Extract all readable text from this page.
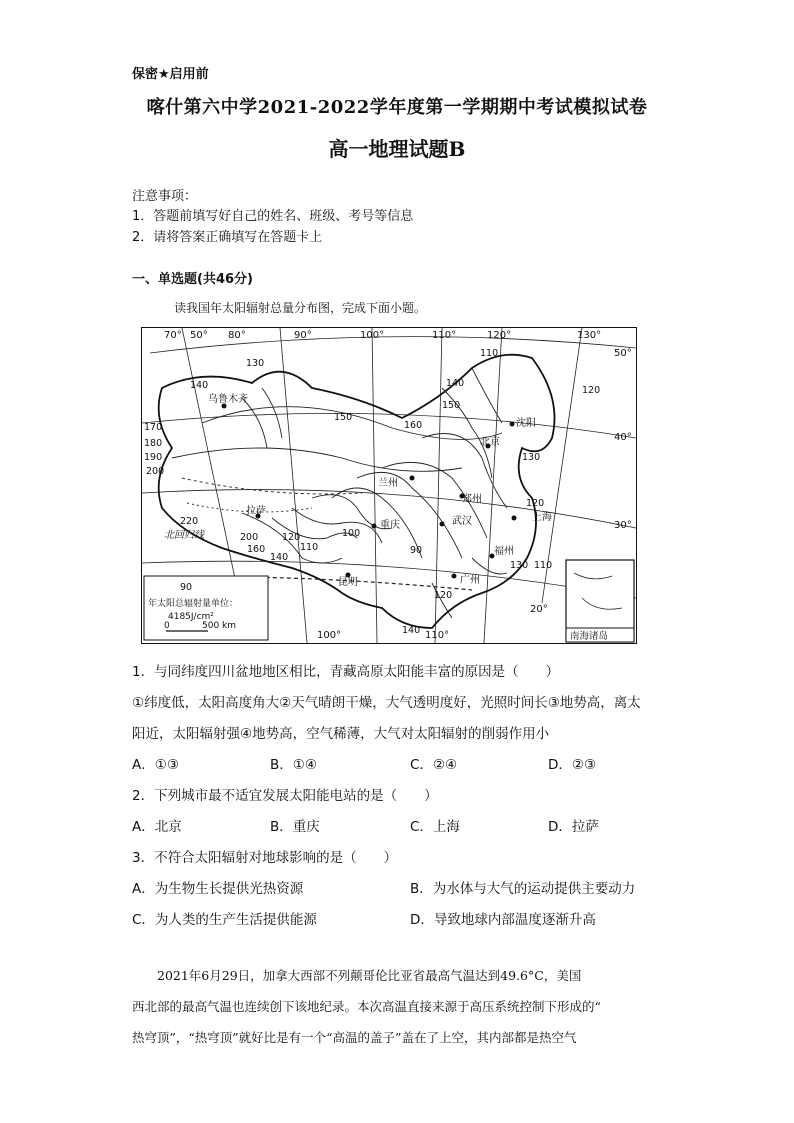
保密★启用前
喀什第六中学2021-2022学年度第一学期期中考试模拟试卷
高一地理试题B
注意事项：
1．答题前填写好自己的姓名、班级、考号等信息
2．请将答案正确填写在答题卡上
一、单选题(共46分)
读我国年太阳辐射总量分布图，完成下面小题。
70° 50° 80°	90°	100°	110°	120°	130°
100°	110°
50°
40°
30°
20°
130
140
150
160
170
180
190
200
220
200
160
140
120
110
100
90
120
130
140
150
120
110
130
140
110
120
乌鲁木齐
沈阳
北京
郑州
兰州
拉萨
重庆	武汉	上海
福州
昆明	广州
北回归线
90
年太阳总辐射量单位：
4185J/cm²
0	500 km
南海诸岛
1．与同纬度四川盆地地区相比，青藏高原太阳能丰富的原因是（　　）
①纬度低，太阳高度角大②天气晴朗干燥，大气透明度好，光照时间长③地势高，离太
阳近，太阳辐射强④地势高，空气稀薄，大气对太阳辐射的削弱作用小
A．①③	B．①④	C．②④	D．②③
2．下列城市最不适宜发展太阳能电站的是（　　）
A．北京	B．重庆	C．上海	D．拉萨
3．不符合太阳辐射对地球影响的是（　　）
A．为生物生长提供光热资源	B．为水体与大气的运动提供主要动力
C．为人类的生产生活提供能源	D．导致地球内部温度逐渐升高
2021年6月29日，加拿大西部不列颠哥伦比亚省最高气温达到49.6°C，美国
西北部的最高气温也连续创下该地纪录。本次高温直接来源于高压系统控制下形成的“
热穹顶”，“热穹顶”就好比是有一个“高温的盖子”盖在了上空，其内部都是热空气
